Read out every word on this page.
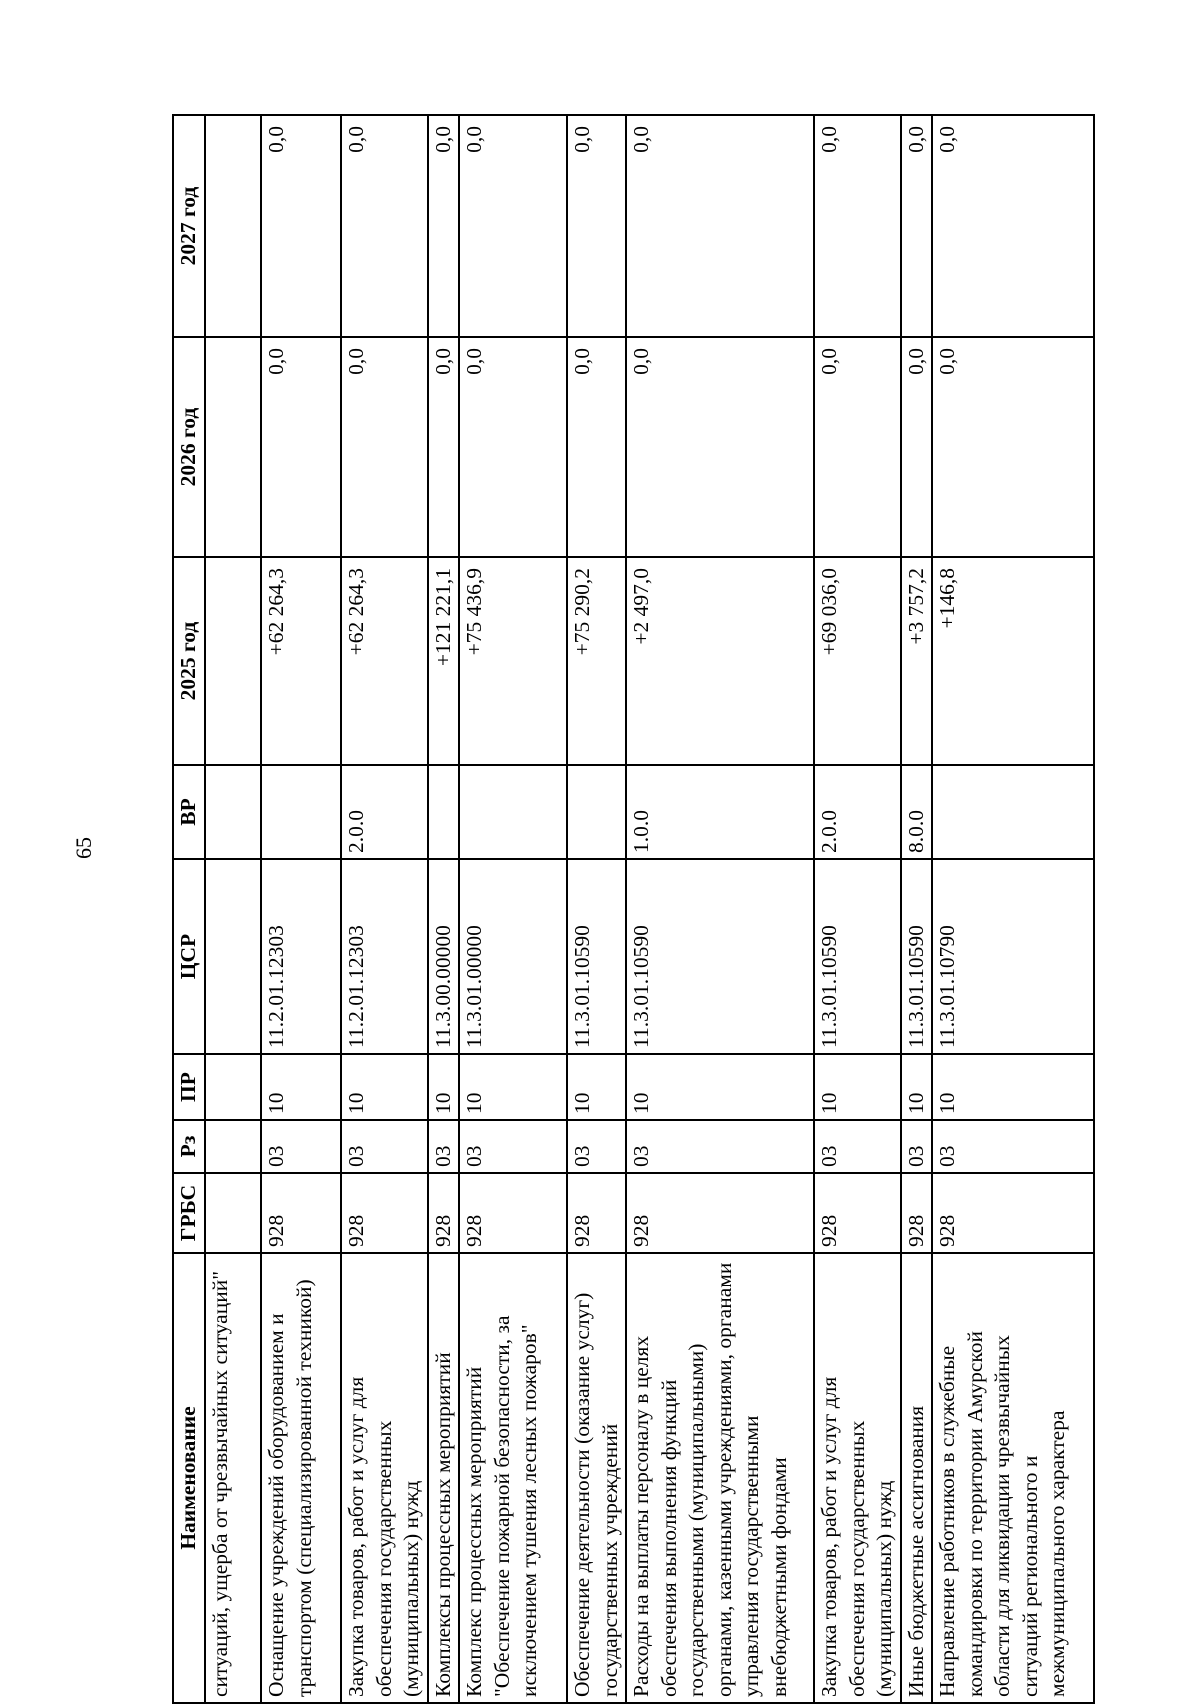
65
Наименование	ГРБС	Рз	ПР	ЦСР	ВР	2025 год	2026 год	2027 год
ситуаций, ущерба от чрезвычайных ситуаций"								
Оснащение учреждений оборудованием и транспортом (специализированной техникой)	928	03	10	11.2.01.12303		+62 264,3	0,0	0,0
Закупка товаров, работ и услуг для обеспечения государственных (муниципальных) нужд	928	03	10	11.2.01.12303	2.0.0	+62 264,3	0,0	0,0
Комплексы процессных мероприятий	928	03	10	11.3.00.00000		+121 221,1	0,0	0,0
Комплекс процессных мероприятий "Обеспечение пожарной безопасности, за исключением тушения лесных пожаров"	928	03	10	11.3.01.00000		+75 436,9	0,0	0,0
Обеспечение деятельности (оказание услуг) государственных учреждений	928	03	10	11.3.01.10590		+75 290,2	0,0	0,0
Расходы на выплаты персоналу в целях обеспечения выполнения функций государственными (муниципальными) органами, казенными учреждениями, органами управления государственными внебюджетными фондами	928	03	10	11.3.01.10590	1.0.0	+2 497,0	0,0	0,0
Закупка товаров, работ и услуг для обеспечения государственных (муниципальных) нужд	928	03	10	11.3.01.10590	2.0.0	+69 036,0	0,0	0,0
Иные бюджетные ассигнования	928	03	10	11.3.01.10590	8.0.0	+3 757,2	0,0	0,0
Направление работников в служебные командировки по территории Амурской области для ликвидации чрезвычайных ситуаций регионального и межмуниципального характера	928	03	10	11.3.01.10790		+146,8	0,0	0,0
